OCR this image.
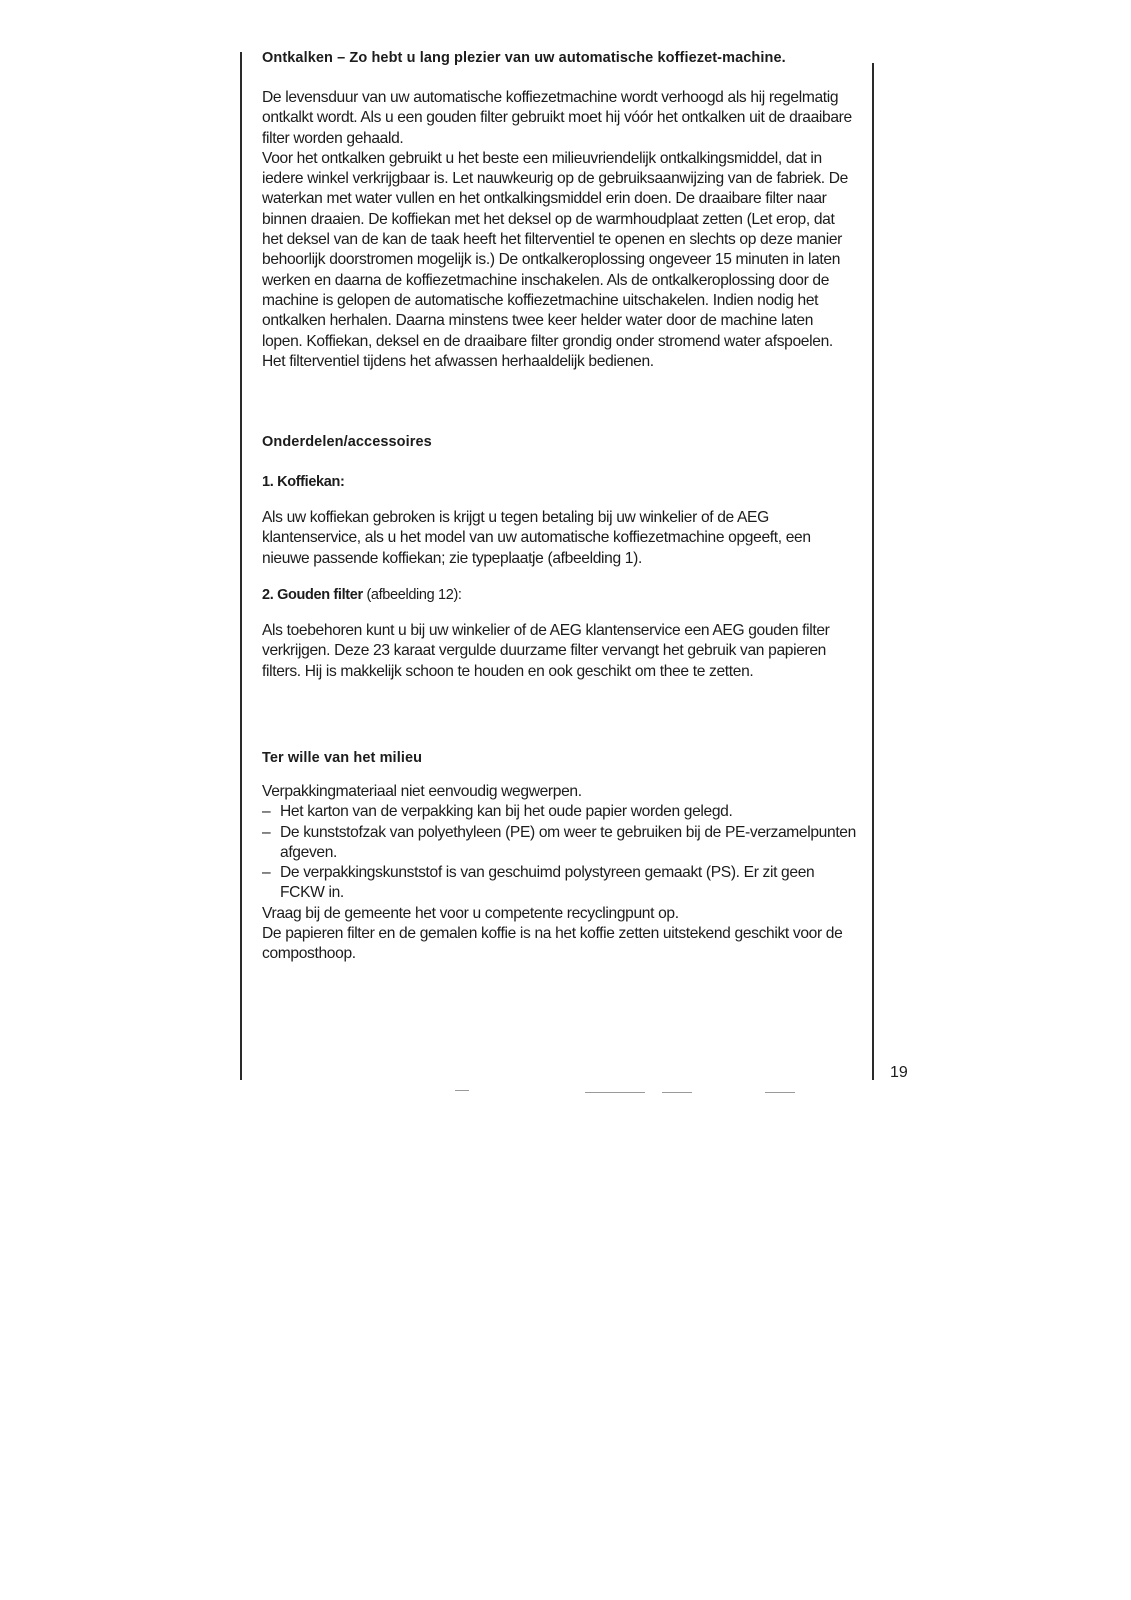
Ontkalken – Zo hebt u lang plezier van uw automatische koffiezet-machine.

De levensduur van uw automatische koffiezetmachine wordt verhoogd als hij regelmatig ontkalkt wordt. Als u een gouden filter gebruikt moet hij vóór het ontkalken uit de draaibare filter worden gehaald.

Voor het ontkalken gebruikt u het beste een milieuvriendelijk ontkalkingsmiddel, dat in iedere winkel verkrijgbaar is. Let nauwkeurig op de gebruiksaanwijzing van de fabriek. De waterkan met water vullen en het ontkalkingsmiddel erin doen. De draaibare filter naar binnen draaien. De koffiekan met het deksel op de warmhoudplaat zetten (Let erop, dat het deksel van de kan de taak heeft het filterventiel te openen en slechts op deze manier behoorlijk doorstromen mogelijk is.) De ontkalkeroplossing ongeveer 15 minuten in laten werken en daarna de koffiezetmachine inschakelen. Als de ontkalkeroplossing door de machine is gelopen de automatische koffiezetmachine uitschakelen. Indien nodig het ontkalken herhalen. Daarna minstens twee keer helder water door de machine laten lopen. Koffiekan, deksel en de draaibare filter grondig onder stromend water afspoelen. Het filterventiel tijdens het afwassen herhaaldelijk bedienen.

Onderdelen/accessoires
1. Koffiekan:

Als uw koffiekan gebroken is krijgt u tegen betaling bij uw winkelier of de AEG klantenservice, als u het model van uw automatische koffiezetmachine opgeeft, een nieuwe passende koffiekan; zie typeplaatje (afbeelding 1).

2. Gouden filter (afbeelding 12):

Als toebehoren kunt u bij uw winkelier of de AEG klantenservice een AEG gouden filter verkrijgen. Deze 23 karaat vergulde duurzame filter vervangt het gebruik van papieren filters. Hij is makkelijk schoon te houden en ook geschikt om thee te zetten.

Ter wille van het milieu

Verpakkingmateriaal niet eenvoudig wegwerpen.

– Het karton van de verpakking kan bij het oude papier worden gelegd.
– De kunststofzak van polyethyleen (PE) om weer te gebruiken bij de PE-verzamelpunten afgeven.
– De verpakkingskunststof is van geschuimd polystyreen gemaakt (PS). Er zit geen FCKW in.

Vraag bij de gemeente het voor u competente recyclingpunt op.

De papieren filter en de gemalen koffie is na het koffie zetten uitstekend geschikt voor de composthoop.

19
